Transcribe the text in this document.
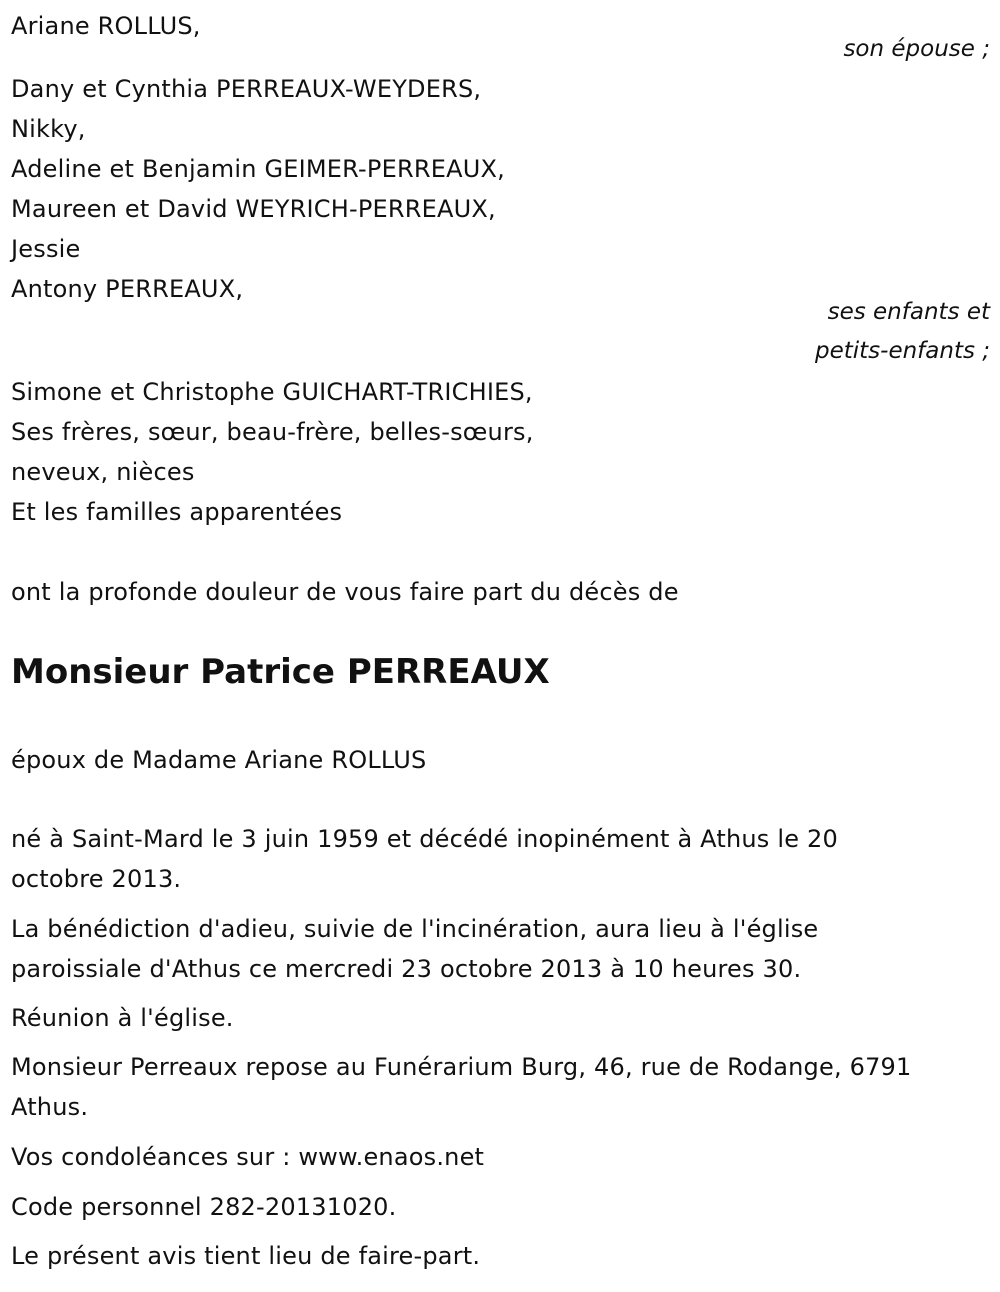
Ariane ROLLUS,

son épouse ;

Dany et Cynthia PERREAUX-WEYDERS,

Nikky,

Adeline et Benjamin GEIMER-PERREAUX,

Maureen et David WEYRICH-PERREAUX,

Jessie

Antony PERREAUX,

ses enfants et

petits-enfants ;

Simone et Christophe GUICHART-TRICHIES,

Ses frères, sœur, beau-frère, belles-sœurs,

neveux, nièces

Et les familles apparentées

ont la profonde douleur de vous faire part du décès de

Monsieur Patrice PERREAUX

époux de Madame Ariane ROLLUS

né à Saint-Mard le 3 juin 1959 et décédé inopinément à Athus le 20

octobre 2013.

La bénédiction d'adieu, suivie de l'incinération, aura lieu à l'église

paroissiale d'Athus ce mercredi 23 octobre 2013 à 10 heures 30.

Réunion à l'église.

Monsieur Perreaux repose au Funérarium Burg, 46, rue de Rodange, 6791

Athus.

Vos condoléances sur : www.enaos.net

Code personnel 282-20131020.

Le présent avis tient lieu de faire-part.
